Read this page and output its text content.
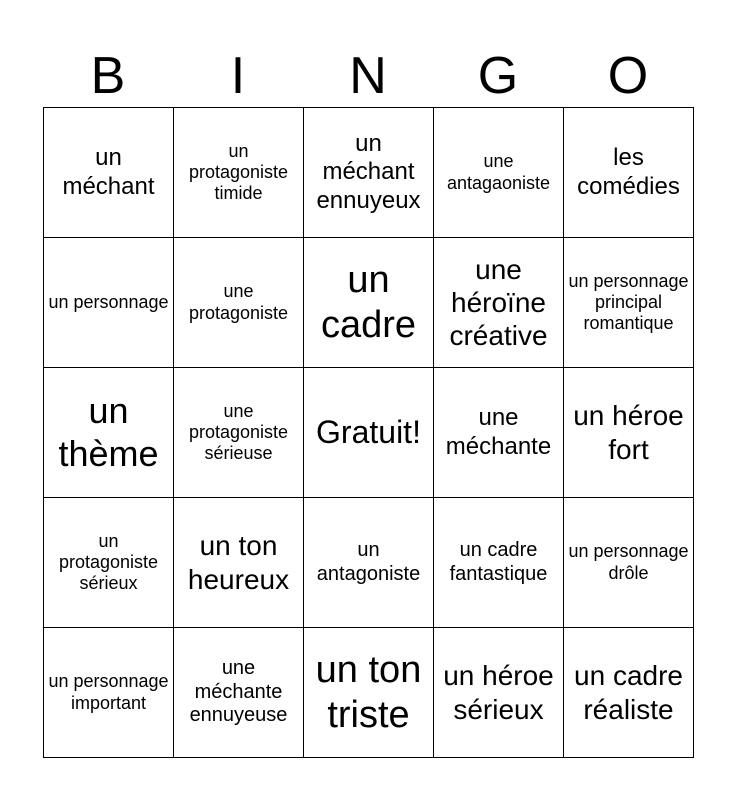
B	I	N	G	O
un méchant	un protagoniste timide	un méchant ennuyeux	une antagaoniste	les comédies
un personnage	une protagoniste	un cadre	une héroïne créative	un personnage principal romantique
un thème	une protagoniste sérieuse	Gratuit!	une méchante	un héroe fort
un protagoniste sérieux	un ton heureux	un antagoniste	un cadre fantastique	un personnage drôle
un personnage important	une méchante ennuyeuse	un ton triste	un héroe sérieux	un cadre réaliste
